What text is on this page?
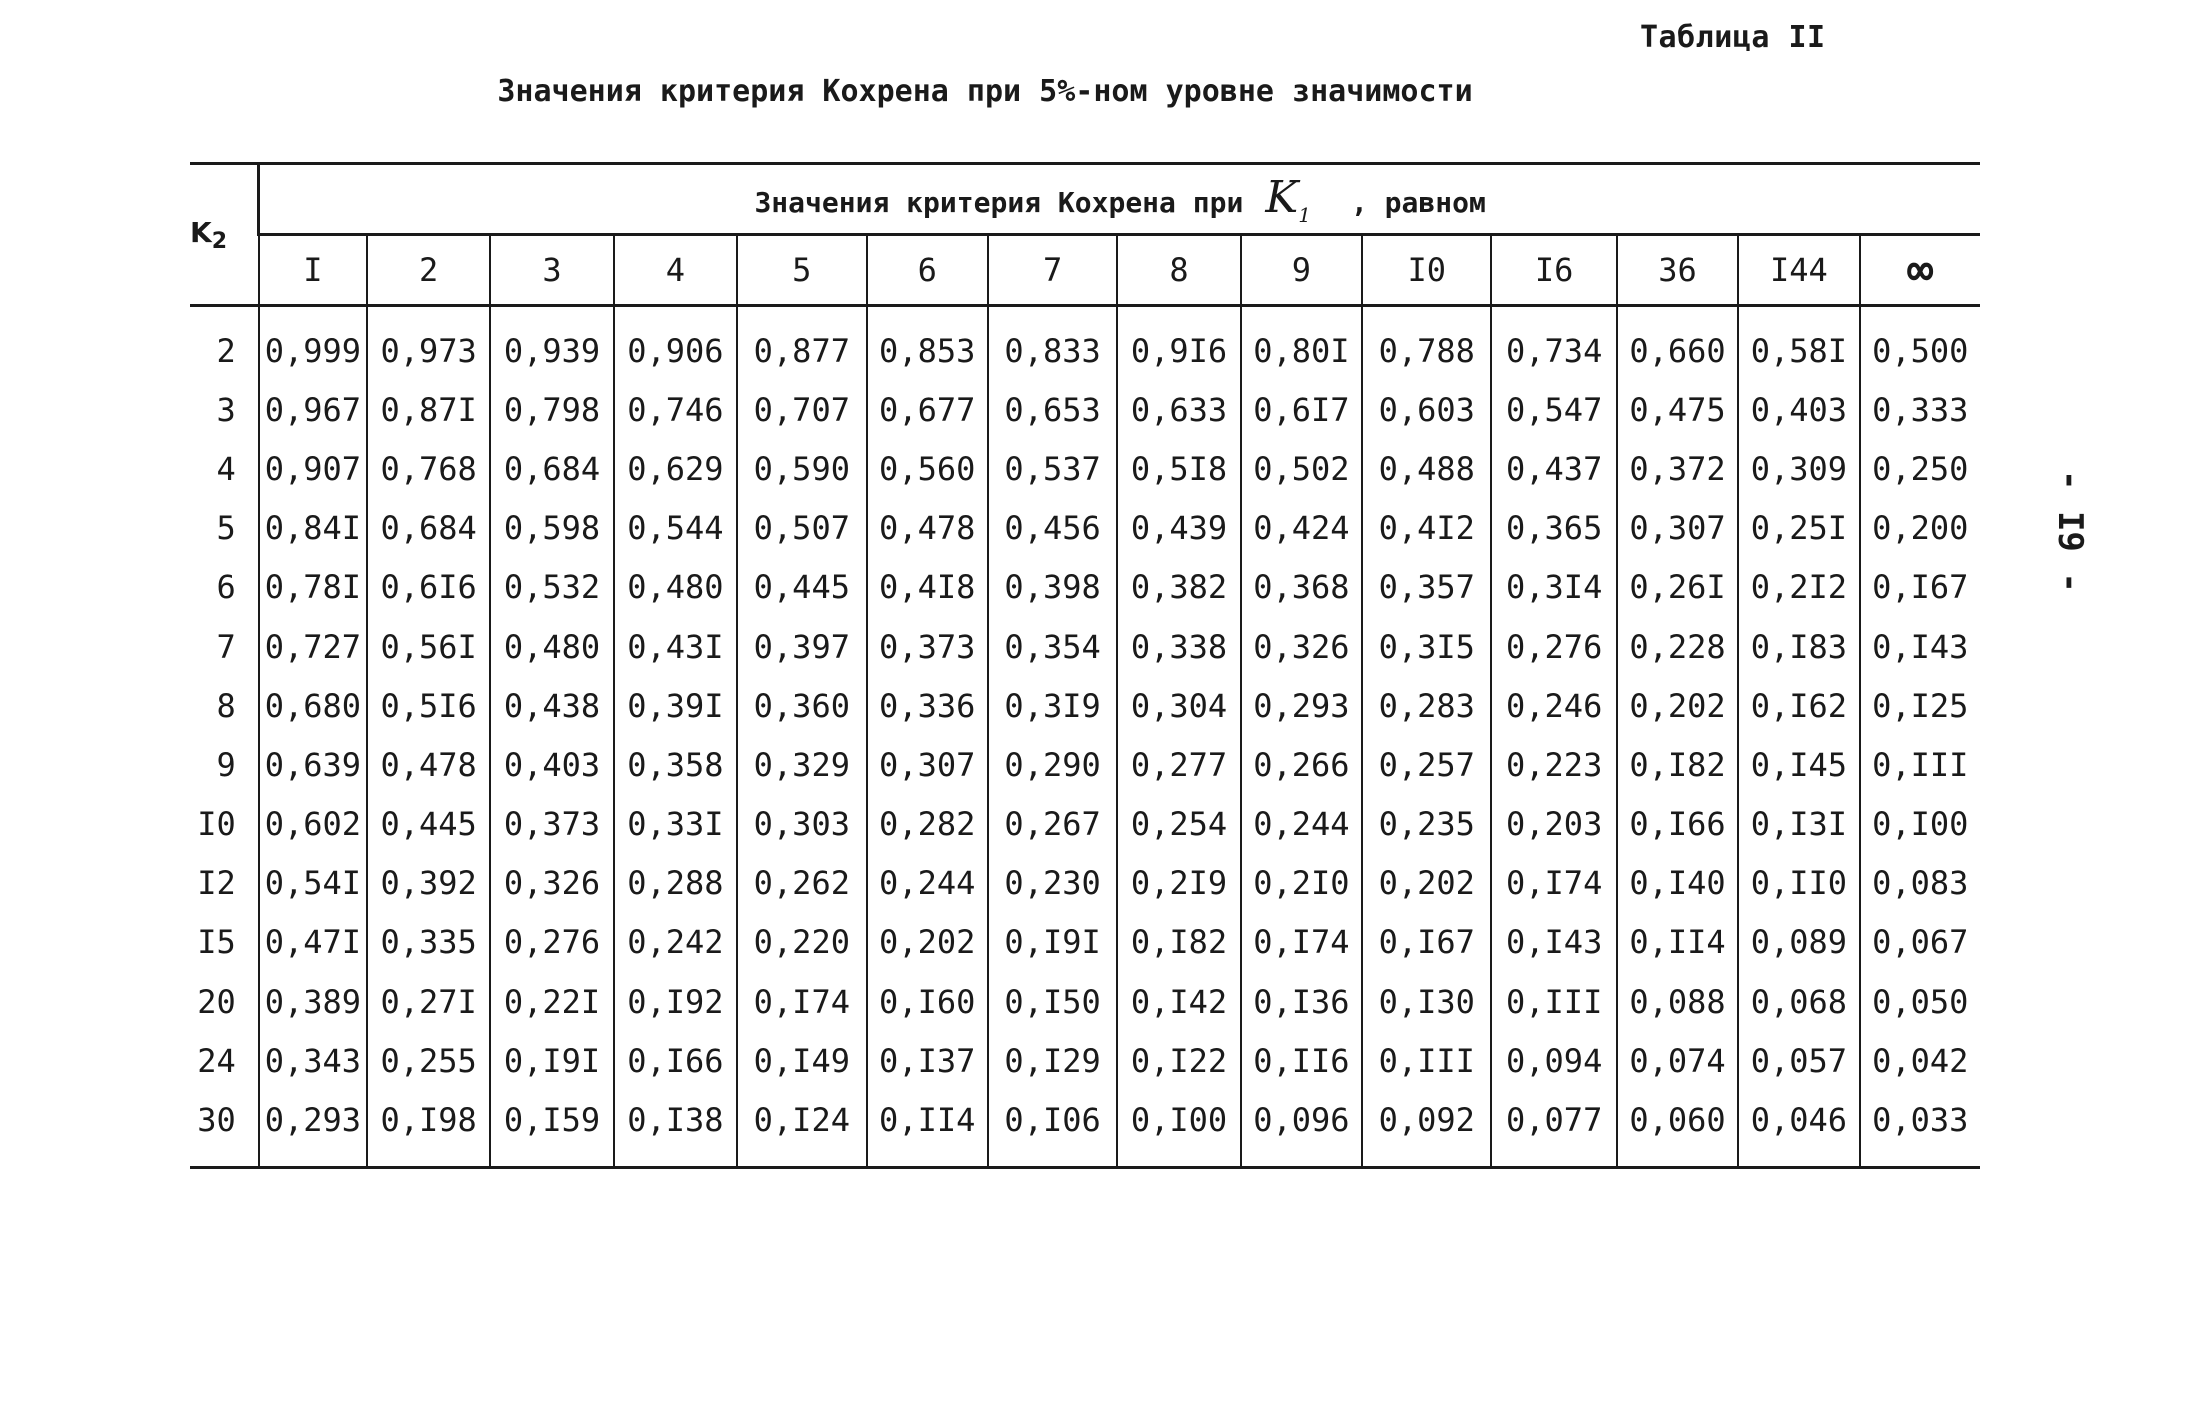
Таблица II
Значения критерия Кохрена при 5%-ном уровне значимости
- I9 -
$K_2$	Значения критерия Кохрена при $K_1$ , равном													
	I	2	3	4	5	6	7	8	9	I0	I6	36	I44	∞
2	0,999	0,973	0,939	0,906	0,877	0,853	0,833	0,9I6	0,80I	0,788	0,734	0,660	0,58I	0,500
3	0,967	0,87I	0,798	0,746	0,707	0,677	0,653	0,633	0,6I7	0,603	0,547	0,475	0,403	0,333
4	0,907	0,768	0,684	0,629	0,590	0,560	0,537	0,5I8	0,502	0,488	0,437	0,372	0,309	0,250
5	0,84I	0,684	0,598	0,544	0,507	0,478	0,456	0,439	0,424	0,4I2	0,365	0,307	0,25I	0,200
6	0,78I	0,6I6	0,532	0,480	0,445	0,4I8	0,398	0,382	0,368	0,357	0,3I4	0,26I	0,2I2	0,I67
7	0,727	0,56I	0,480	0,43I	0,397	0,373	0,354	0,338	0,326	0,3I5	0,276	0,228	0,I83	0,I43
8	0,680	0,5I6	0,438	0,39I	0,360	0,336	0,3I9	0,304	0,293	0,283	0,246	0,202	0,I62	0,I25
9	0,639	0,478	0,403	0,358	0,329	0,307	0,290	0,277	0,266	0,257	0,223	0,I82	0,I45	0,III
I0	0,602	0,445	0,373	0,33I	0,303	0,282	0,267	0,254	0,244	0,235	0,203	0,I66	0,I3I	0,I00
I2	0,54I	0,392	0,326	0,288	0,262	0,244	0,230	0,2I9	0,2I0	0,202	0,I74	0,I40	0,II0	0,083
I5	0,47I	0,335	0,276	0,242	0,220	0,202	0,I9I	0,I82	0,I74	0,I67	0,I43	0,II4	0,089	0,067
20	0,389	0,27I	0,22I	0,I92	0,I74	0,I60	0,I50	0,I42	0,I36	0,I30	0,III	0,088	0,068	0,050
24	0,343	0,255	0,I9I	0,I66	0,I49	0,I37	0,I29	0,I22	0,II6	0,III	0,094	0,074	0,057	0,042
30	0,293	0,I98	0,I59	0,I38	0,I24	0,II4	0,I06	0,I00	0,096	0,092	0,077	0,060	0,046	0,033
